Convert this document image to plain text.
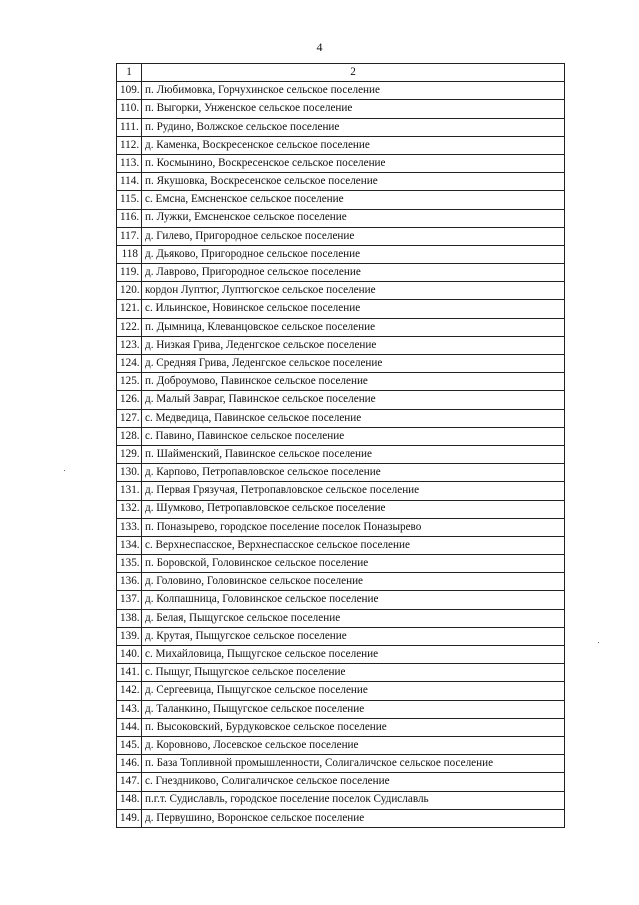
4
1	2
109.	п. Любимовка, Горчухинское сельское поселение
110.	п. Выгорки, Унженское сельское поселение
111.	п. Рудино, Волжское сельское поселение
112.	д. Каменка, Воскресенское сельское поселение
113.	п. Космынино, Воскресенское сельское поселение
114.	п. Якушовка, Воскресенское сельское поселение
115.	с. Емсна, Емсненское сельское поселение
116.	п. Лужки, Емсненское сельское поселение
117.	д. Гилево, Пригородное сельское поселение
118	д. Дьяково, Пригородное сельское поселение
119.	д. Лаврово, Пригородное сельское поселение
120.	кордон Луптюг, Луптюгское сельское поселение
121.	с. Ильинское, Новинское сельское поселение
122.	п. Дымница, Клеванцовское сельское поселение
123.	д. Низкая Грива, Леденгское сельское поселение
124.	д. Средняя Грива, Леденгское сельское поселение
125.	п. Доброумово, Павинское сельское поселение
126.	д. Малый Завраг, Павинское сельское поселение
127.	с. Медведица, Павинское сельское поселение
128.	с. Павино, Павинское сельское поселение
129.	п. Шайменский, Павинское сельское поселение
130.	д. Карпово, Петропавловское сельское поселение
131.	д. Первая Грязучая, Петропавловское сельское поселение
132.	д. Шумково, Петропавловское сельское поселение
133.	п. Поназырево, городское поселение поселок Поназырево
134.	с. Верхнеспасское, Верхнеспасское сельское поселение
135.	п. Боровской, Головинское сельское поселение
136.	д. Головино, Головинское сельское поселение
137.	д. Колпашница, Головинское сельское поселение
138.	д. Белая, Пыщугское сельское поселение
139.	д. Крутая, Пыщугское сельское поселение
140.	с. Михайловица, Пыщугское сельское поселение
141.	с. Пыщуг, Пыщугское сельское поселение
142.	д. Сергеевица, Пыщугское сельское поселение
143.	д. Таланкино, Пыщугское сельское поселение
144.	п. Высоковский, Бурдуковское сельское поселение
145.	д. Коровново, Лосевское сельское поселение
146.	п. База Топливной промышленности, Солигаличское сельское поселение
147.	с. Гнездниково, Солигаличское сельское поселение
148.	п.г.т. Судиславль, городское поселение поселок Судиславль
149.	д. Первушино, Воронское сельское поселение
